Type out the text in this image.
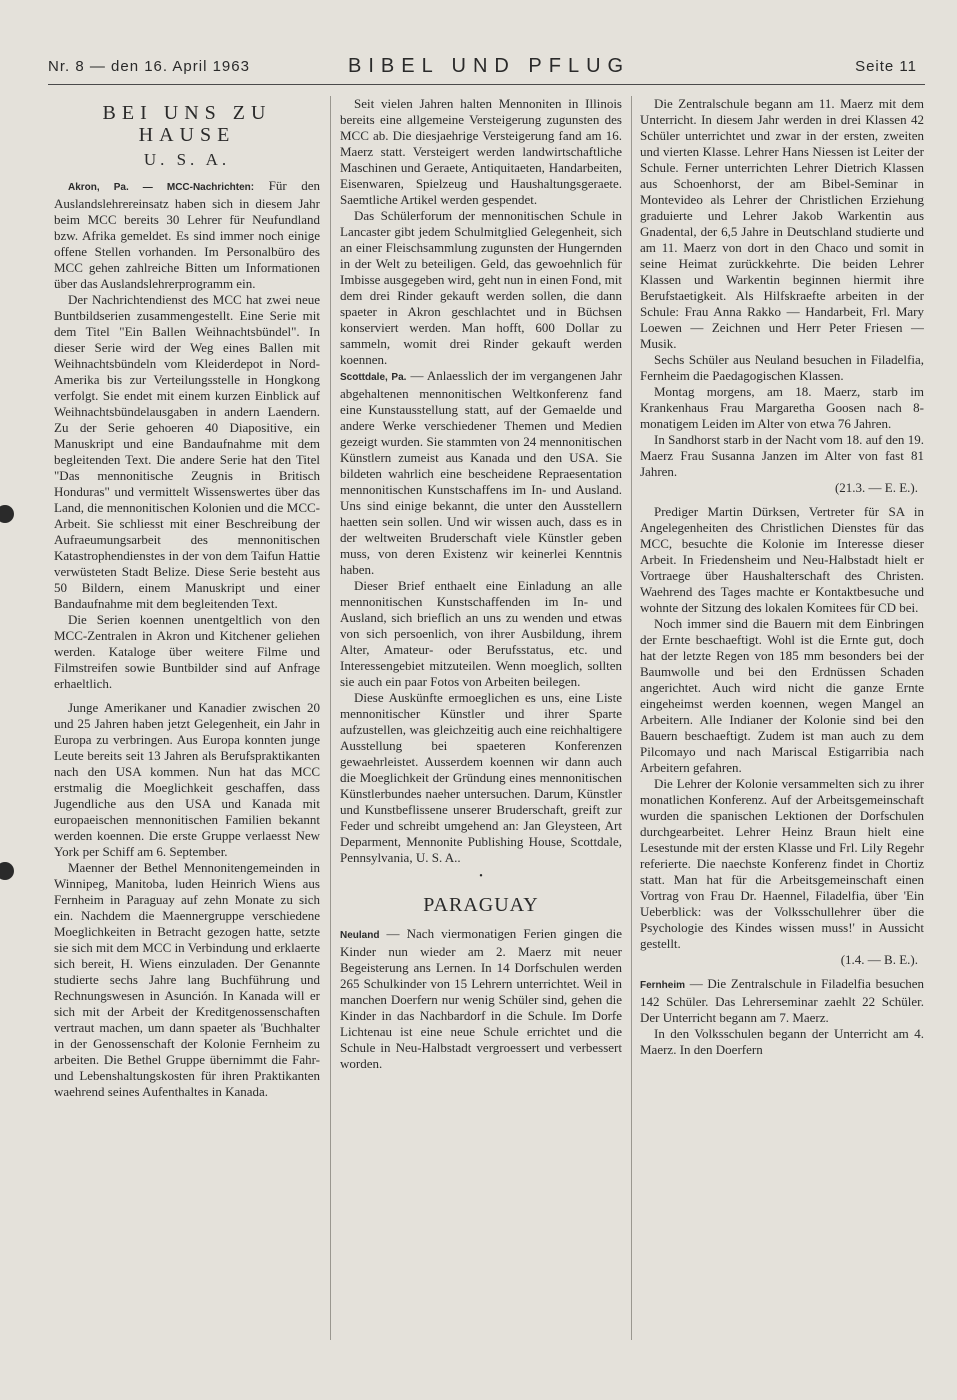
Nr. 8 — den 16. April 1963	BIBEL UND PFLUG	Seite 11
BEI UNS ZU HAUSE
U. S. A.

Akron, Pa. — MCC-Nachrichten: Für den Auslandslehrereinsatz haben sich in diesem Jahr beim MCC bereits 30 Lehrer für Neufundland bzw. Afrika gemeldet. Es sind immer noch einige offene Stellen vorhanden. Im Personalbüro des MCC gehen zahlreiche Bitten um Informationen über das Auslandslehrerprogramm ein.

Der Nachrichtendienst des MCC hat zwei neue Buntbildserien zusammengestellt. Eine Serie mit dem Titel "Ein Ballen Weihnachtsbündel". In dieser Serie wird der Weg eines Ballen mit Weihnachtsbündeln vom Kleiderdepot in Nord-Amerika bis zur Verteilungsstelle in Hongkong verfolgt. Sie endet mit einem kurzen Einblick auf Weihnachtsbündelausgaben in andern Laendern. Zu der Serie gehoeren 40 Diapositive, ein Manuskript und eine Bandaufnahme mit dem begleitenden Text. Die andere Serie hat den Titel "Das mennonitische Zeugnis in Britisch Honduras" und vermittelt Wissenswertes über das Land, die mennonitischen Kolonien und die MCC-Arbeit. Sie schliesst mit einer Beschreibung der Aufraeumungsarbeit des mennonitischen Katastrophendienstes in der von dem Taifun Hattie verwüsteten Stadt Belize. Diese Serie besteht aus 50 Bildern, einem Manuskript und einer Bandaufnahme mit dem begleitenden Text.

Die Serien koennen unentgeltlich von den MCC-Zentralen in Akron und Kitchener geliehen werden. Kataloge über weitere Filme und Filmstreifen sowie Buntbilder sind auf Anfrage erhaeltlich.

Junge Amerikaner und Kanadier zwischen 20 und 25 Jahren haben jetzt Gelegenheit, ein Jahr in Europa zu verbringen. Aus Europa konnten junge Leute bereits seit 13 Jahren als Berufspraktikanten nach den USA kommen. Nun hat das MCC erstmalig die Moeglichkeit geschaffen, dass Jugendliche aus den USA und Kanada mit europaeischen mennonitischen Familien bekannt werden koennen. Die erste Gruppe verlaesst New York per Schiff am 6. September.

Maenner der Bethel Mennonitengemeinden in Winnipeg, Manitoba, luden Heinrich Wiens aus Fernheim in Paraguay auf zehn Monate zu sich ein. Nachdem die Maennergruppe verschiedene Moeglichkeiten in Betracht gezogen hatte, setzte sie sich mit dem MCC in Verbindung und erklaerte sich bereit, H. Wiens einzuladen. Der Genannte studierte sechs Jahre lang Buchführung und Rechnungswesen in Asunción. In Kanada will er sich mit der Arbeit der Kreditgenossenschaften vertraut machen, um dann spaeter als 'Buchhalter in der Genossenschaft der Kolonie Fernheim zu arbeiten. Die Bethel Gruppe übernimmt die Fahr- und Lebenshaltungskosten für ihren Praktikanten waehrend seines Aufenthaltes in Kanada.

Seit vielen Jahren halten Mennoniten in Illinois bereits eine allgemeine Versteigerung zugunsten des MCC ab. Die diesjaehrige Versteigerung fand am 16. Maerz statt. Versteigert werden landwirtschaftliche Maschinen und Geraete, Antiquitaeten, Handarbeiten, Eisenwaren, Spielzeug und Haushaltungsgeraete. Saemtliche Artikel werden gespendet.

Das Schülerforum der mennonitischen Schule in Lancaster gibt jedem Schulmitglied Gelegenheit, sich an einer Fleischsammlung zugunsten der Hungernden in der Welt zu beteiligen. Geld, das gewoehnlich für Imbisse ausgegeben wird, geht nun in einen Fond, mit dem drei Rinder gekauft werden sollen, die dann spaeter in Akron geschlachtet und in Büchsen konserviert werden. Man hofft, 600 Dollar zu sammeln, womit drei Rinder gekauft werden koennen.

Scottdale, Pa. — Anlaesslich der im vergangenen Jahr abgehaltenen mennonitischen Weltkonferenz fand eine Kunstausstellung statt, auf der Gemaelde und andere Werke verschiedener Themen und Medien gezeigt wurden. Sie stammten von 24 mennonitischen Künstlern zumeist aus Kanada und den USA. Sie bildeten wahrlich eine bescheidene Repraesentation mennonitischen Kunstschaffens im In- und Ausland. Uns sind einige bekannt, die unter den Ausstellern haetten sein sollen. Und wir wissen auch, dass es in der weltweiten Bruderschaft viele Künstler geben muss, von deren Existenz wir keinerlei Kenntnis haben.

Dieser Brief enthaelt eine Einladung an alle mennonitischen Kunstschaffenden im In- und Ausland, sich brieflich an uns zu wenden und etwas von sich persoenlich, von ihrer Ausbildung, ihrem Alter, Amateur- oder Berufsstatus, etc. und Interessengebiet mitzuteilen. Wenn moeglich, sollten sie auch ein paar Fotos von Arbeiten beilegen.

Diese Auskünfte ermoeglichen es uns, eine Liste mennonitischer Künstler und ihrer Sparte aufzustellen, was gleichzeitig auch eine reichhaltigere Ausstellung bei spaeteren Konferenzen gewaehrleistet. Ausserdem koennen wir dann auch die Moeglichkeit der Gründung eines mennonitischen Künstlerbundes naeher untersuchen. Darum, Künstler und Kunstbeflissene unserer Bruderschaft, greift zur Feder und schreibt umgehend an: Jan Gleysteen, Art Deparment, Mennonite Publishing House, Scottdale, Pennsylvania, U. S. A..

•
PARAGUAY

Neuland — Nach viermonatigen Ferien gingen die Kinder nun wieder am 2. Maerz mit neuer Begeisterung ans Lernen. In 14 Dorfschulen werden 265 Schulkinder von 15 Lehrern unterrichtet. Weil in manchen Doerfern nur wenig Schüler sind, gehen die Kinder in das Nachbardorf in die Schule. Im Dorfe Lichtenau ist eine neue Schule errichtet und die Schule in Neu-Halbstadt vergroessert und verbessert worden.

Die Zentralschule begann am 11. Maerz mit dem Unterricht. In diesem Jahr werden in drei Klassen 42 Schüler unterrichtet und zwar in der ersten, zweiten und vierten Klasse. Lehrer Hans Niessen ist Leiter der Schule. Ferner unterrichten Lehrer Dietrich Klassen aus Schoenhorst, der am Bibel-Seminar in Montevideo als Lehrer der Christlichen Erziehung graduierte und Lehrer Jakob Warkentin aus Gnadental, der 6,5 Jahre in Deutschland studierte und am 11. Maerz von dort in den Chaco und somit in seine Heimat zurückkehrte. Die beiden Lehrer Klassen und Warkentin beginnen hiermit ihre Berufstaetigkeit. Als Hilfskraefte arbeiten in der Schule: Frau Anna Rakko — Handarbeit, Frl. Mary Loewen — Zeichnen und Herr Peter Friesen — Musik.

Sechs Schüler aus Neuland besuchen in Filadelfia, Fernheim die Paedagogischen Klassen.

Montag morgens, am 18. Maerz, starb im Krankenhaus Frau Margaretha Goosen nach 8-monatigem Leiden im Alter von etwa 76 Jahren.

In Sandhorst starb in der Nacht vom 18. auf den 19. Maerz Frau Susanna Janzen im Alter von fast 81 Jahren.

(21.3. — E. E.).

Prediger Martin Dürksen, Vertreter für SA in Angelegenheiten des Christlichen Dienstes für das MCC, besuchte die Kolonie im Interesse dieser Arbeit. In Friedensheim und Neu-Halbstadt hielt er Vortraege über Haushalterschaft des Christen. Waehrend des Tages machte er Kontaktbesuche und wohnte der Sitzung des lokalen Komitees für CD bei.

Noch immer sind die Bauern mit dem Einbringen der Ernte beschaeftigt. Wohl ist die Ernte gut, doch hat der letzte Regen von 185 mm besonders bei der Baumwolle und bei den Erdnüssen Schaden angerichtet. Auch wird nicht die ganze Ernte eingeheimst werden koennen, wegen Mangel an Arbeitern. Alle Indianer der Kolonie sind bei den Bauern beschaeftigt. Zudem ist man auch zu dem Pilcomayo und nach Mariscal Estigarribia nach Arbeitern gefahren.

Die Lehrer der Kolonie versammelten sich zu ihrer monatlichen Konferenz. Auf der Arbeitsgemeinschaft wurden die spanischen Lektionen der Dorfschulen durchgearbeitet. Lehrer Heinz Braun hielt eine Lesestunde mit der ersten Klasse und Frl. Lily Regehr referierte. Die naechste Konferenz findet in Chortiz statt. Man hat für die Arbeitsgemeinschaft einen Vortrag von Frau Dr. Haennel, Filadelfia, über 'Ein Ueberblick: was der Volksschullehrer über die Psychologie des Kindes wissen muss!' in Aussicht gestellt.

(1.4. — B. E.).

Fernheim — Die Zentralschule in Filadelfia besuchen 142 Schüler. Das Lehrerseminar zaehlt 22 Schüler. Der Unterricht begann am 7. Maerz.

In den Volksschulen begann der Unterricht am 4. Maerz. In den Doerfern
